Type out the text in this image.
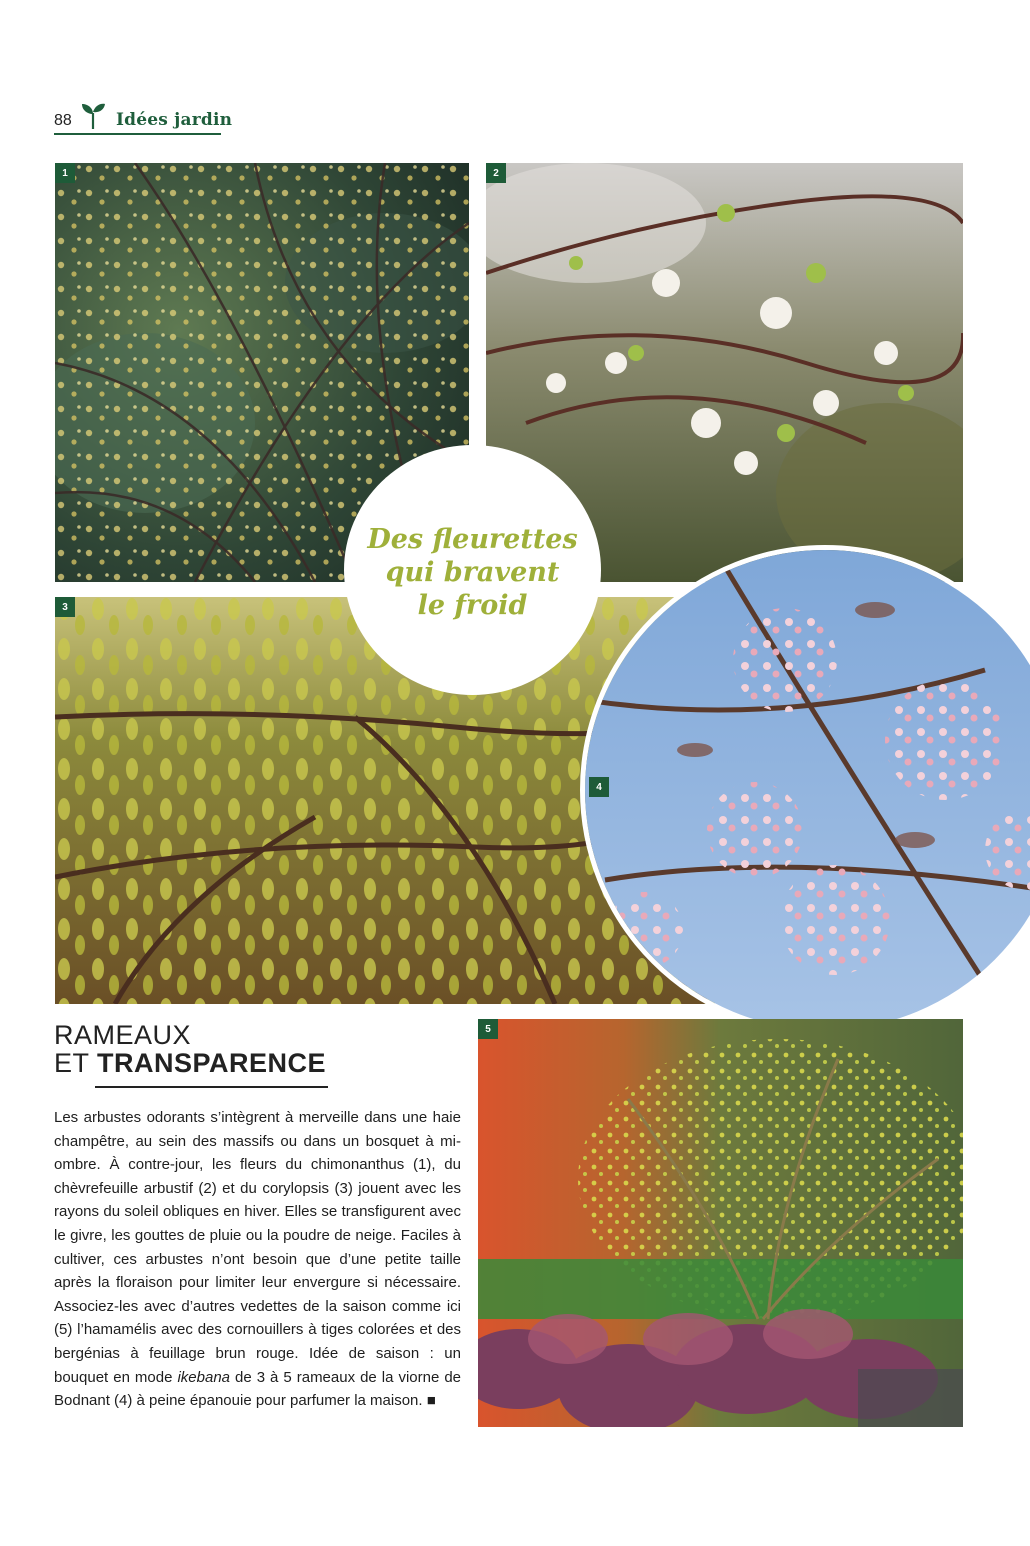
88	Idées jardin
1	2
3
Des fleurettes
qui bravent
le froid
4
RAMEAUX
ET TRANSPARENCE
Les arbustes odorants s’intègrent à merveille dans une haie champêtre, au sein des massifs ou dans un bosquet à mi-ombre. À contre-jour, les fleurs du chimonanthus (1), du chèvrefeuille arbustif (2) et du corylopsis (3) jouent avec les rayons du soleil obliques en hiver. Elles se transfigurent avec le givre, les gouttes de pluie ou la poudre de neige. Faciles à cultiver, ces arbustes n’ont besoin que d’une petite taille après la floraison pour limiter leur envergure si nécessaire. Associez-les avec d’autres vedettes de la saison comme ici (5) l’hamamélis avec des cornouillers à tiges colorées et des bergénias à feuillage brun rouge. Idée de saison : un bouquet en mode ikebana de 3 à 5 rameaux de la viorne de Bodnant (4) à peine épanouie pour parfumer la maison. ■
5
